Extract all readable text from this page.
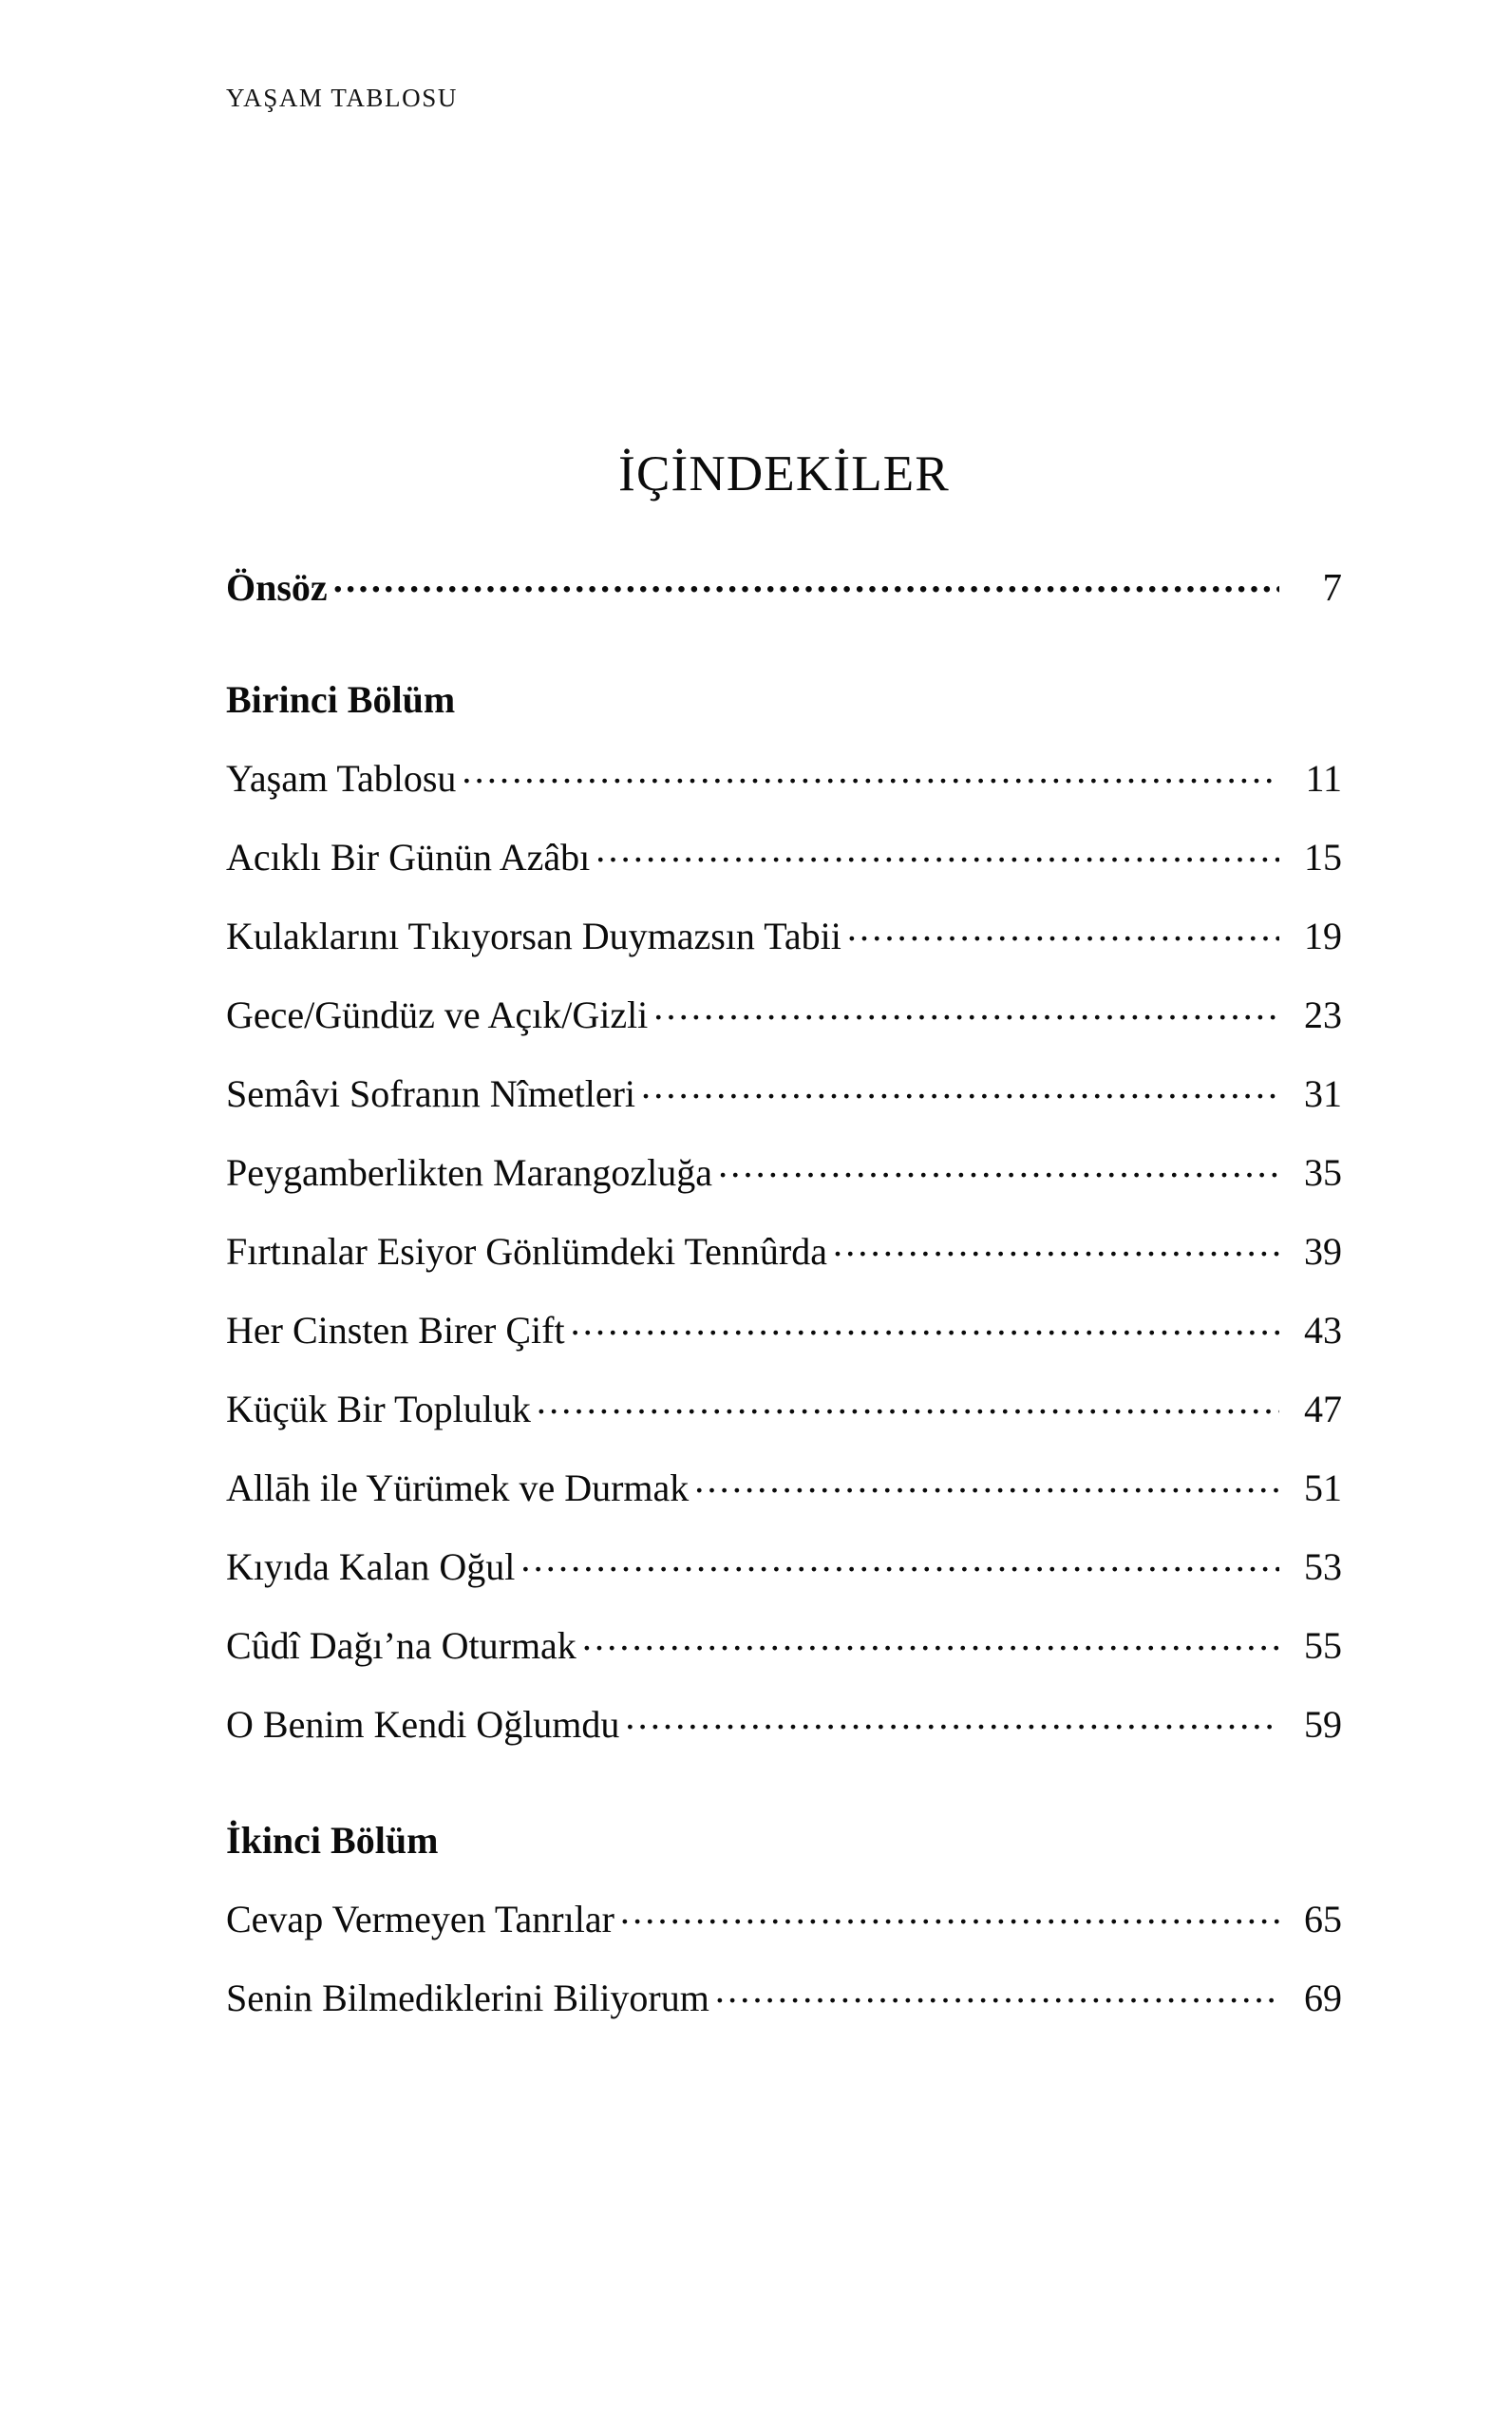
YAŞAM TABLOSU
İÇİNDEKİLER
Önsöz .....	7
Birinci Bölüm
Yaşam Tablosu .....	11
Acıklı Bir Günün Azâbı .....	15
Kulaklarını Tıkıyorsan Duymazsın Tabii .....	19
Gece/Gündüz ve Açık/Gizli .....	23
Semâvi Sofranın Nîmetleri .....	31
Peygamberlikten Marangozluğa .....	35
Fırtınalar Esiyor Gönlümdeki Tennûrda .....	39
Her Cinsten Birer Çift .....	43
Küçük Bir Topluluk .....	47
Allāh ile Yürümek ve Durmak .....	51
Kıyıda Kalan Oğul .....	53
Cûdî Dağı’na Oturmak .....	55
O Benim Kendi Oğlumdu .....	59
İkinci Bölüm
Cevap Vermeyen Tanrılar .....	65
Senin Bilmediklerini Biliyorum .....	69
